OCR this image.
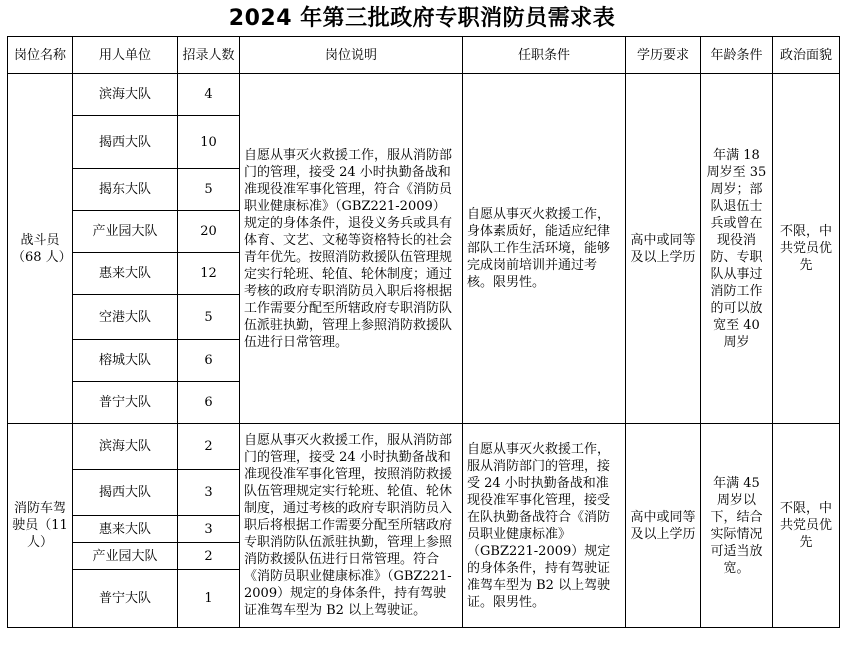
2024 年第三批政府专职消防员需求表
岗位名称	用人单位	招录人数	岗位说明	任职条件	学历要求	年龄条件	政治面貌
战斗员（68 人）	滨海大队	4	自愿从事灭火救援工作，服从消防部门的管理，接受 24 小时执勤备战和准现役准军事化管理，符合《消防员职业健康标准》（GBZ221-2009）规定的身体条件，退役义务兵或具有体育、文艺、文秘等资格特长的社会青年优先。按照消防救援队伍管理规定实行轮班、轮值、轮休制度；通过考核的政府专职消防员入职后将根据工作需要分配至所辖政府专职消防队伍派驻执勤，管理上参照消防救援队伍进行日常管理。	自愿从事灭火救援工作，身体素质好，能适应纪律部队工作生活环境，能够完成岗前培训并通过考核。限男性。	高中或同等及以上学历	年满 18 周岁至 35 周岁；部队退伍士兵或曾在现役消防、专职队从事过消防工作的可以放宽至 40 周岁	不限，中共党员优先
	揭西大队	10					
	揭东大队	5					
	产业园大队	20					
	惠来大队	12					
	空港大队	5					
	榕城大队	6					
	普宁大队	6					
消防车驾驶员（11 人）	滨海大队	2	自愿从事灭火救援工作，服从消防部门的管理，接受 24 小时执勤备战和准现役准军事化管理，按照消防救援队伍管理规定实行轮班、轮值、轮休制度，通过考核的政府专职消防员入职后将根据工作需要分配至所辖政府专职消防队伍派驻执勤，管理上参照消防救援队伍进行日常管理。符合《消防员职业健康标准》（GBZ221-2009）规定的身体条件，持有驾驶证准驾车型为 B2 以上驾驶证。	自愿从事灭火救援工作，服从消防部门的管理，接受 24 小时执勤备战和准现役准军事化管理，接受在队执勤备战符合《消防员职业健康标准》（GBZ221-2009）规定的身体条件，持有驾驶证准驾车型为 B2 以上驾驶证。限男性。	高中或同等及以上学历	年满 45 周岁以下，结合实际情况可适当放宽。	不限，中共党员优先
	揭西大队	3					
	惠来大队	3					
	产业园大队	2					
	普宁大队	1					
